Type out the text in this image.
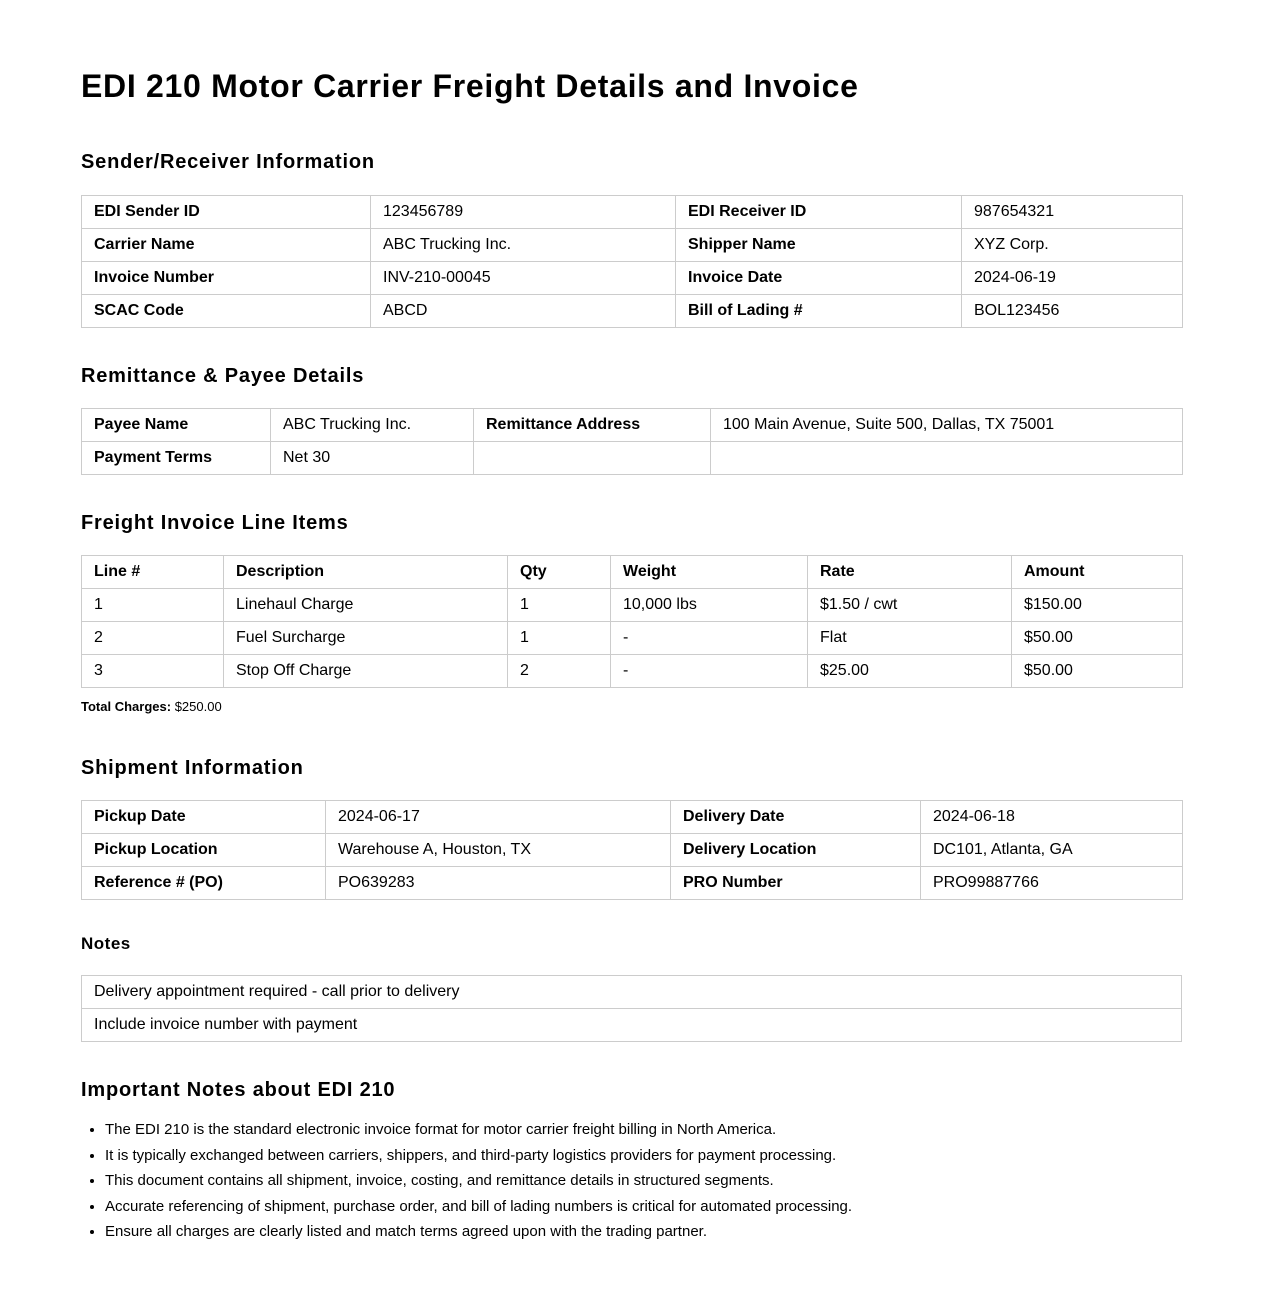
EDI 210 Motor Carrier Freight Details and Invoice
Sender/Receiver Information
EDI Sender ID	123456789	EDI Receiver ID	987654321
Carrier Name	ABC Trucking Inc.	Shipper Name	XYZ Corp.
Invoice Number	INV-210-00045	Invoice Date	2024-06-19
SCAC Code	ABCD	Bill of Lading #	BOL123456
Remittance & Payee Details
Payee Name	ABC Trucking Inc.	Remittance Address	100 Main Avenue, Suite 500, Dallas, TX 75001
Payment Terms	Net 30		
Freight Invoice Line Items
Line #	Description	Qty	Weight	Rate	Amount
1	Linehaul Charge	1	10,000 lbs	$1.50 / cwt	$150.00
2	Fuel Surcharge	1	-	Flat	$50.00
3	Stop Off Charge	2	-	$25.00	$50.00
Total Charges: $250.00
Shipment Information
Pickup Date	2024-06-17	Delivery Date	2024-06-18
Pickup Location	Warehouse A, Houston, TX	Delivery Location	DC101, Atlanta, GA
Reference # (PO)	PO639283	PRO Number	PRO99887766
Notes
Delivery appointment required - call prior to delivery
Include invoice number with payment
Important Notes about EDI 210
• The EDI 210 is the standard electronic invoice format for motor carrier freight billing in North America.
• It is typically exchanged between carriers, shippers, and third-party logistics providers for payment processing.
• This document contains all shipment, invoice, costing, and remittance details in structured segments.
• Accurate referencing of shipment, purchase order, and bill of lading numbers is critical for automated processing.
• Ensure all charges are clearly listed and match terms agreed upon with the trading partner.
